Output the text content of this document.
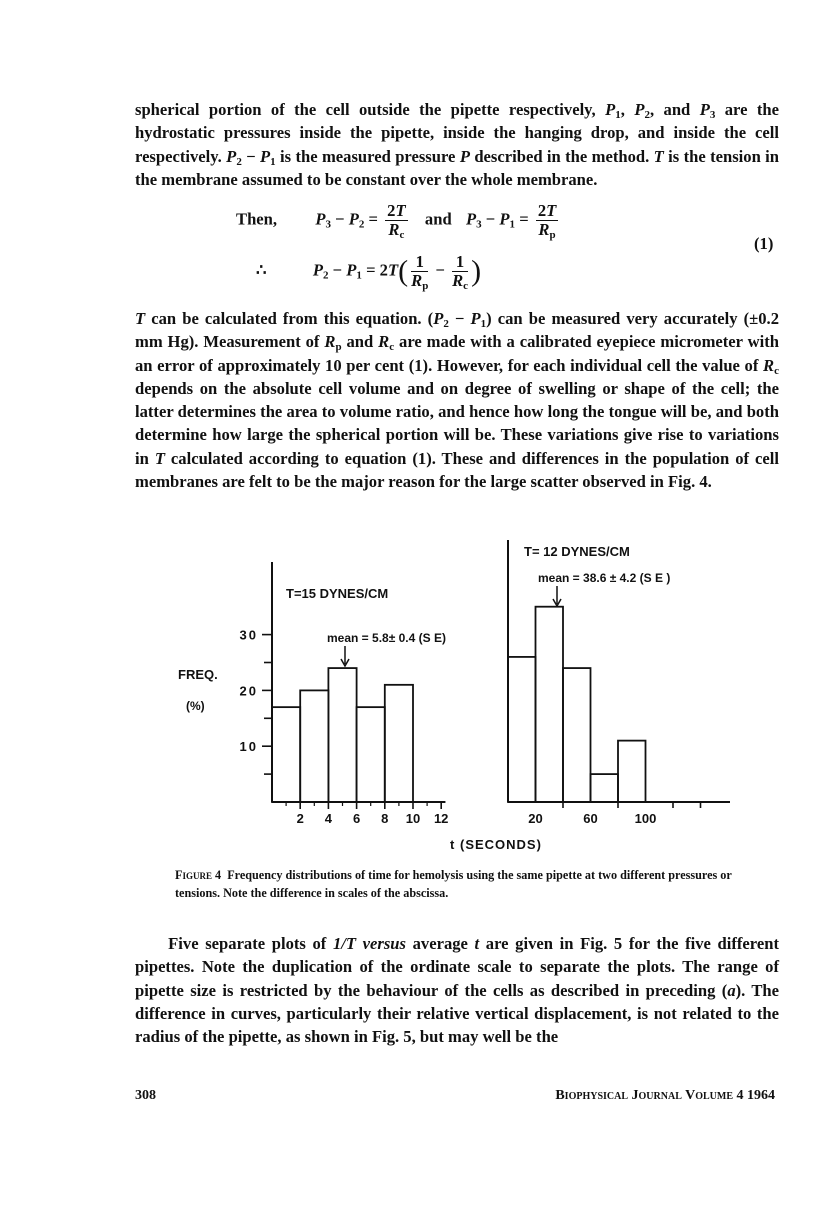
spherical portion of the cell outside the pipette respectively, $P_1$, $P_2$, and $P_3$ are the hydrostatic pressures inside the pipette, inside the hanging drop, and inside the cell respectively. $P_2 - P_1$ is the measured pressure P described in the method. T is the tension in the membrane assumed to be constant over the whole membrane.

Then, $P_3 - P_2 = \frac{2T}{R_c}$ and $P_3 - P_1 = \frac{2T}{R_p}$
(1)
∴	$P_2 - P_1 = 2T( \frac{1}{R_p} - \frac{1}{R_c}$ )

T can be calculated from this equation. $(P_2 - P_1)$ can be measured very accurately (±0.2 mm Hg). Measurement of $R_p$ and $R_c$ are made with a calibrated eyepiece micrometer with an error of approximately 10 per cent (1). However, for each individual cell the value of $R_c$ depends on the absolute cell volume and on degree of swelling or shape of the cell; the latter determines the area to volume ratio, and hence how long the tongue will be, and both determine how large the spherical portion will be. These variations give rise to variations in T calculated according to equation (1). These and differences in the population of cell membranes are felt to be the major reason for the large scatter observed in Fig. 4.

10
20
30
2 4 6 8 10 12
T=15 DYNES/CM
mean = 5.8± 0.4 (S E)
20	60	100
T= 12 DYNES/CM
mean = 38.6 ± 4.2 (S E )
FREQ.
(%)
t (SECONDS)

Figure 4 Frequency distributions of time for hemolysis using the same pipette at two different pressures or tensions. Note the difference in scales of the abscissa.

Five separate plots of 1/T versus average t are given in Fig. 5 for the five different pipettes. Note the duplication of the ordinate scale to separate the plots. The range of pipette size is restricted by the behaviour of the cells as described in preceding (a). The difference in curves, particularly their relative vertical displacement, is not related to the radius of the pipette, as shown in Fig. 5, but may well be the

308	Biophysical Journal Volume 4 1964
